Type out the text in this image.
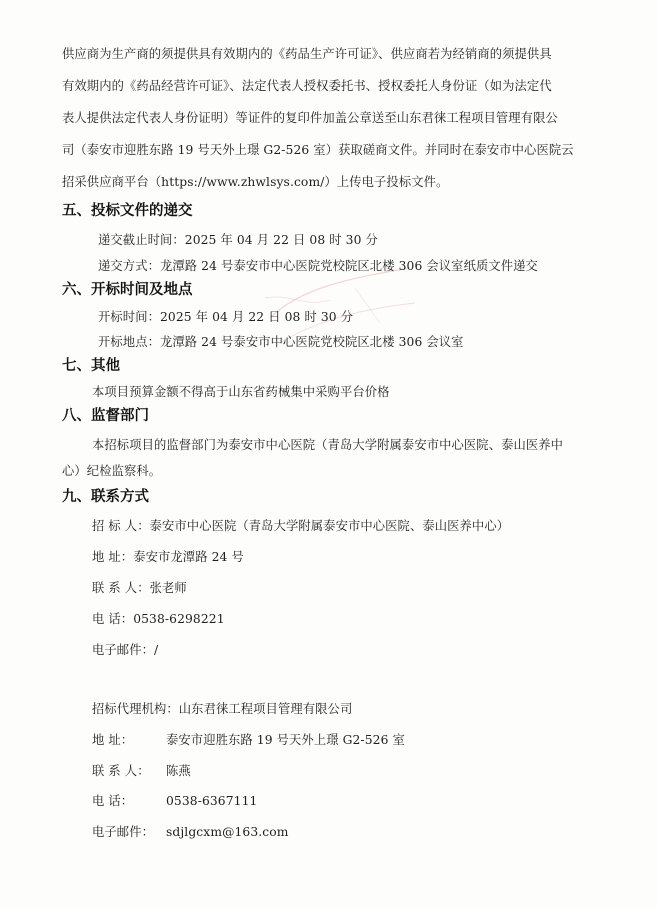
供应商为生产商的须提供具有效期内的《药品生产许可证》、供应商若为经销商的须提供具
有效期内的《药品经营许可证》、法定代表人授权委托书、授权委托人身份证（如为法定代
表人提供法定代表人身份证明）等证件的复印件加盖公章送至山东君徕工程项目管理有限公
司（泰安市迎胜东路 19 号天外上璟 G2-526 室）获取磋商文件。并同时在泰安市中心医院云
招采供应商平台（https://www.zhwlsys.com/）上传电子投标文件。
五、投标文件的递交
递交截止时间：2025 年 04 月 22 日 08 时 30 分
递交方式：龙潭路 24 号泰安市中心医院党校院区北楼 306 会议室纸质文件递交
六、开标时间及地点
开标时间：2025 年 04 月 22 日 08 时 30 分
开标地点：龙潭路 24 号泰安市中心医院党校院区北楼 306 会议室
七、其他
本项目预算金额不得高于山东省药械集中采购平台价格
八、监督部门
本招标项目的监督部门为泰安市中心医院（青岛大学附属泰安市中心医院、泰山医养中
心）纪检监察科。
九、联系方式
招 标 人：泰安市中心医院（青岛大学附属泰安市中心医院、泰山医养中心）
地 址：泰安市龙潭路 24 号
联 系 人：张老师
电 话：0538-6298221
电子邮件：/
招标代理机构：山东君徕工程项目管理有限公司
地 址：	泰安市迎胜东路 19 号天外上璟 G2-526 室
联 系 人： 陈燕
电 话：	0538-6367111
电子邮件： sdjlgcxm@163.com
